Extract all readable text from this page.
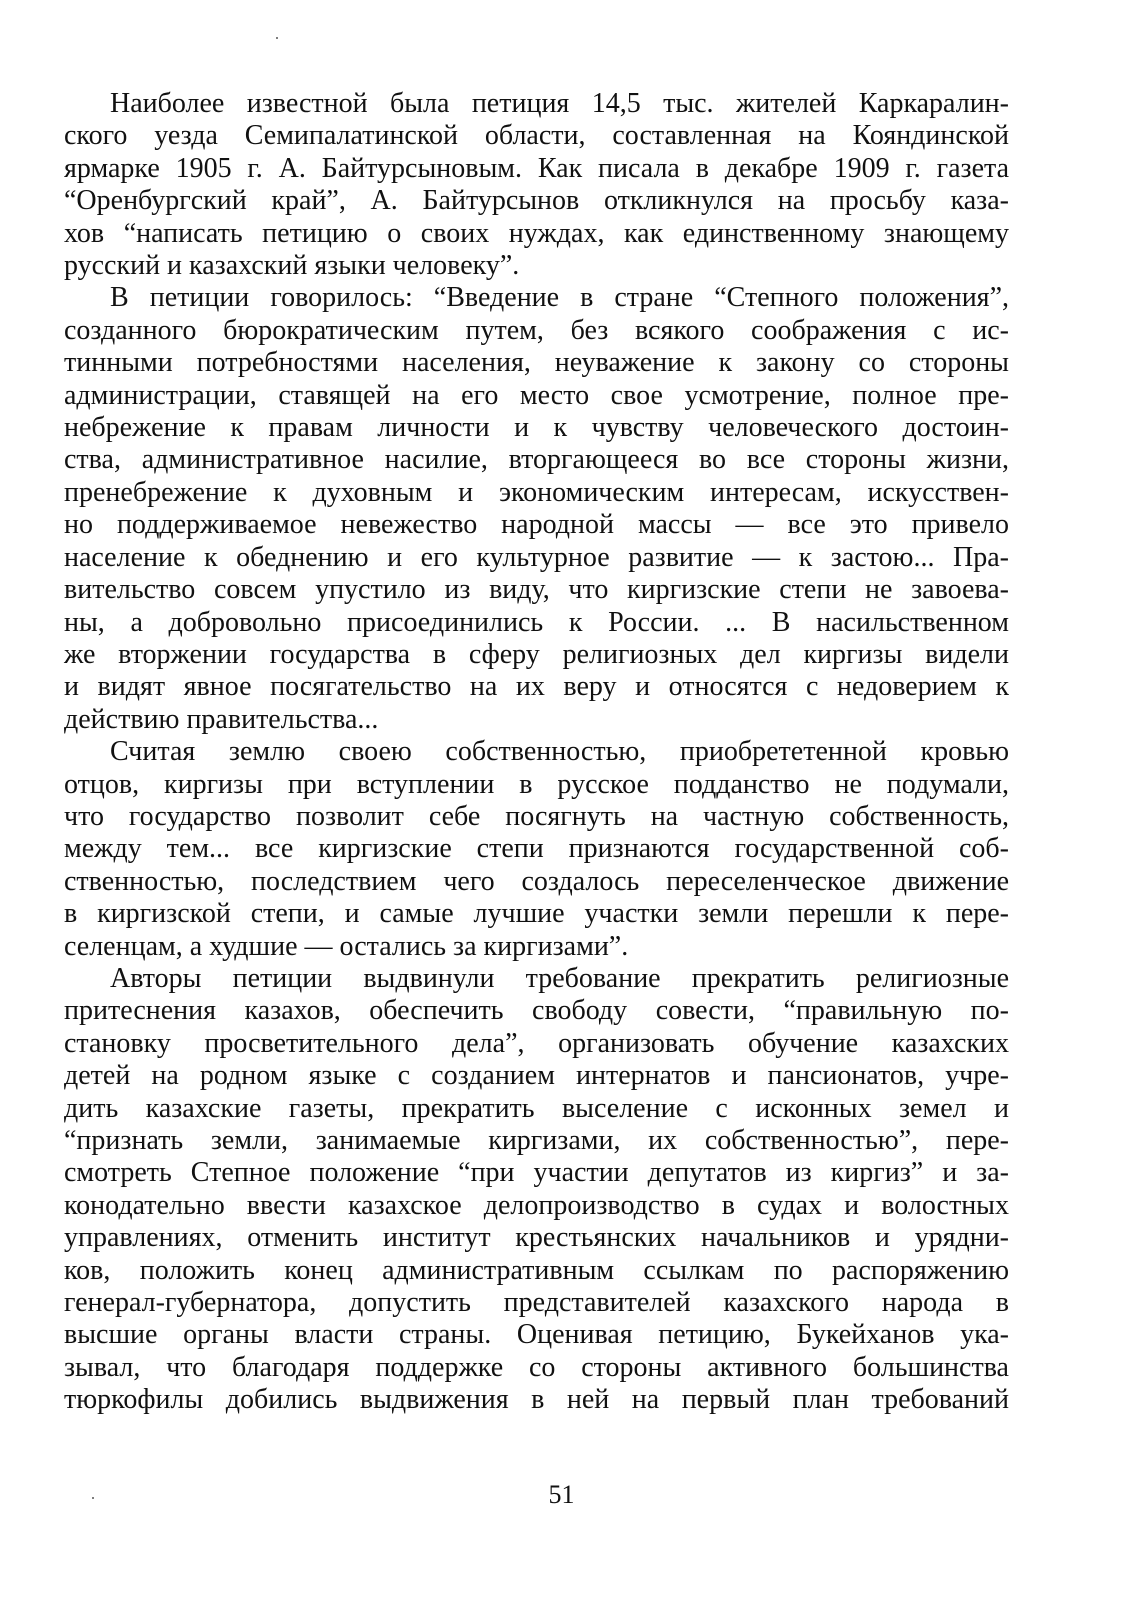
Наиболее известной была петиция 14,5 тыс. жителей Каркаралин-
ского уезда Семипалатинской области, составленная на Кояндинской
ярмарке 1905 г. А. Байтурсыновым. Как писала в декабре 1909 г. газета
“Оренбургский край”, А. Байтурсынов откликнулся на просьбу каза-
хов “написать петицию о своих нуждах, как единственному знающему
русский и казахский языки человеку”.
В петиции говорилось: “Введение в стране “Степного положения”,
созданного бюрократическим путем, без всякого соображения с ис-
тинными потребностями населения, неуважение к закону со стороны
администрации, ставящей на его место свое усмотрение, полное пре-
небрежение к правам личности и к чувству человеческого достоин-
ства, административное насилие, вторгающееся во все стороны жизни,
пренебрежение к духовным и экономическим интересам, искусствен-
но поддерживаемое невежество народной массы — все это привело
население к обеднению и его культурное развитие — к застою... Пра-
вительство совсем упустило из виду, что киргизские степи не завоева-
ны, а добровольно присоединились к России. ... В насильственном
же вторжении государства в сферу религиозных дел киргизы видели
и видят явное посягательство на их веру и относятся с недоверием к
действию правительства...
Считая землю своею собственностью, приобрететенной кровью
отцов, киргизы при вступлении в русское подданство не подумали,
что государство позволит себе посягнуть на частную собственность,
между тем... все киргизские степи признаются государственной соб-
ственностью, последствием чего создалось переселенческое движение
в киргизской степи, и самые лучшие участки земли перешли к пере-
селенцам, а худшие — остались за киргизами”.
Авторы петиции выдвинули требование прекратить религиозные
притеснения казахов, обеспечить свободу совести, “правильную по-
становку просветительного дела”, организовать обучение казахских
детей на родном языке с созданием интернатов и пансионатов, учре-
дить казахские газеты, прекратить выселение с исконных земел и
“признать земли, занимаемые киргизами, их собственностью”, пере-
смотреть Степное положение “при участии депутатов из киргиз” и за-
конодательно ввести казахское делопроизводство в судах и волостных
управлениях, отменить институт крестьянских начальников и урядни-
ков, положить конец административным ссылкам по распоряжению
генерал-губернатора, допустить представителей казахского народа в
высшие органы власти страны. Оценивая петицию, Букейханов ука-
зывал, что благодаря поддержке со стороны активного большинства
тюркофилы добились выдвижения в ней на первый план требований
51
